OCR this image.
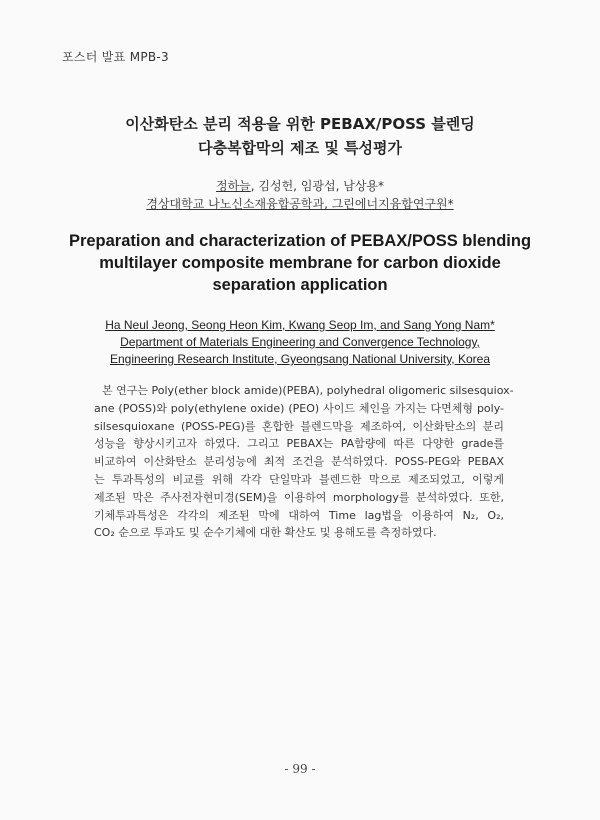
포스터 발표 MPB-3
이산화탄소 분리 적용을 위한 PEBAX/POSS 블렌딩
다층복합막의 제조 및 특성평가
정하늘, 김성헌, 임광섭, 남상용*
경상대학교 나노신소재융합공학과, 그린에너지융합연구원*
Preparation and characterization of PEBAX/POSS blending
multilayer composite membrane for carbon dioxide
separation application
Ha Neul Jeong, Seong Heon Kim, Kwang Seop Im, and Sang Yong Nam*
Department of Materials Engineering and Convergence Technology,
Engineering Research Institute, Gyeongsang National University, Korea
본 연구는 Poly(ether block amide)(PEBA), polyhedral oligomeric silsesquiox-
ane (POSS)와 poly(ethylene oxide) (PEO) 사이드 체인을 가지는 다면체형 poly-
silsesquioxane (POSS-PEG)를 혼합한 블렌드막을 제조하여, 이산화탄소의 분리
성능을 향상시키고자 하였다. 그리고 PEBAX는 PA함량에 따른 다양한 grade를
비교하여 이산화탄소 분리성능에 최적 조건을 분석하였다. POSS-PEG와 PEBAX
는 투과특성의 비교를 위해 각각 단일막과 블렌드한 막으로 제조되었고, 이렇게
제조된 막은 주사전자현미경(SEM)을 이용하여 morphology를 분석하였다. 또한,
기체투과특성은 각각의 제조된 막에 대하여 Time lag법을 이용하여 N₂, O₂,
CO₂ 순으로 투과도 및 순수기체에 대한 확산도 및 용해도를 측정하였다.
- 99 -
